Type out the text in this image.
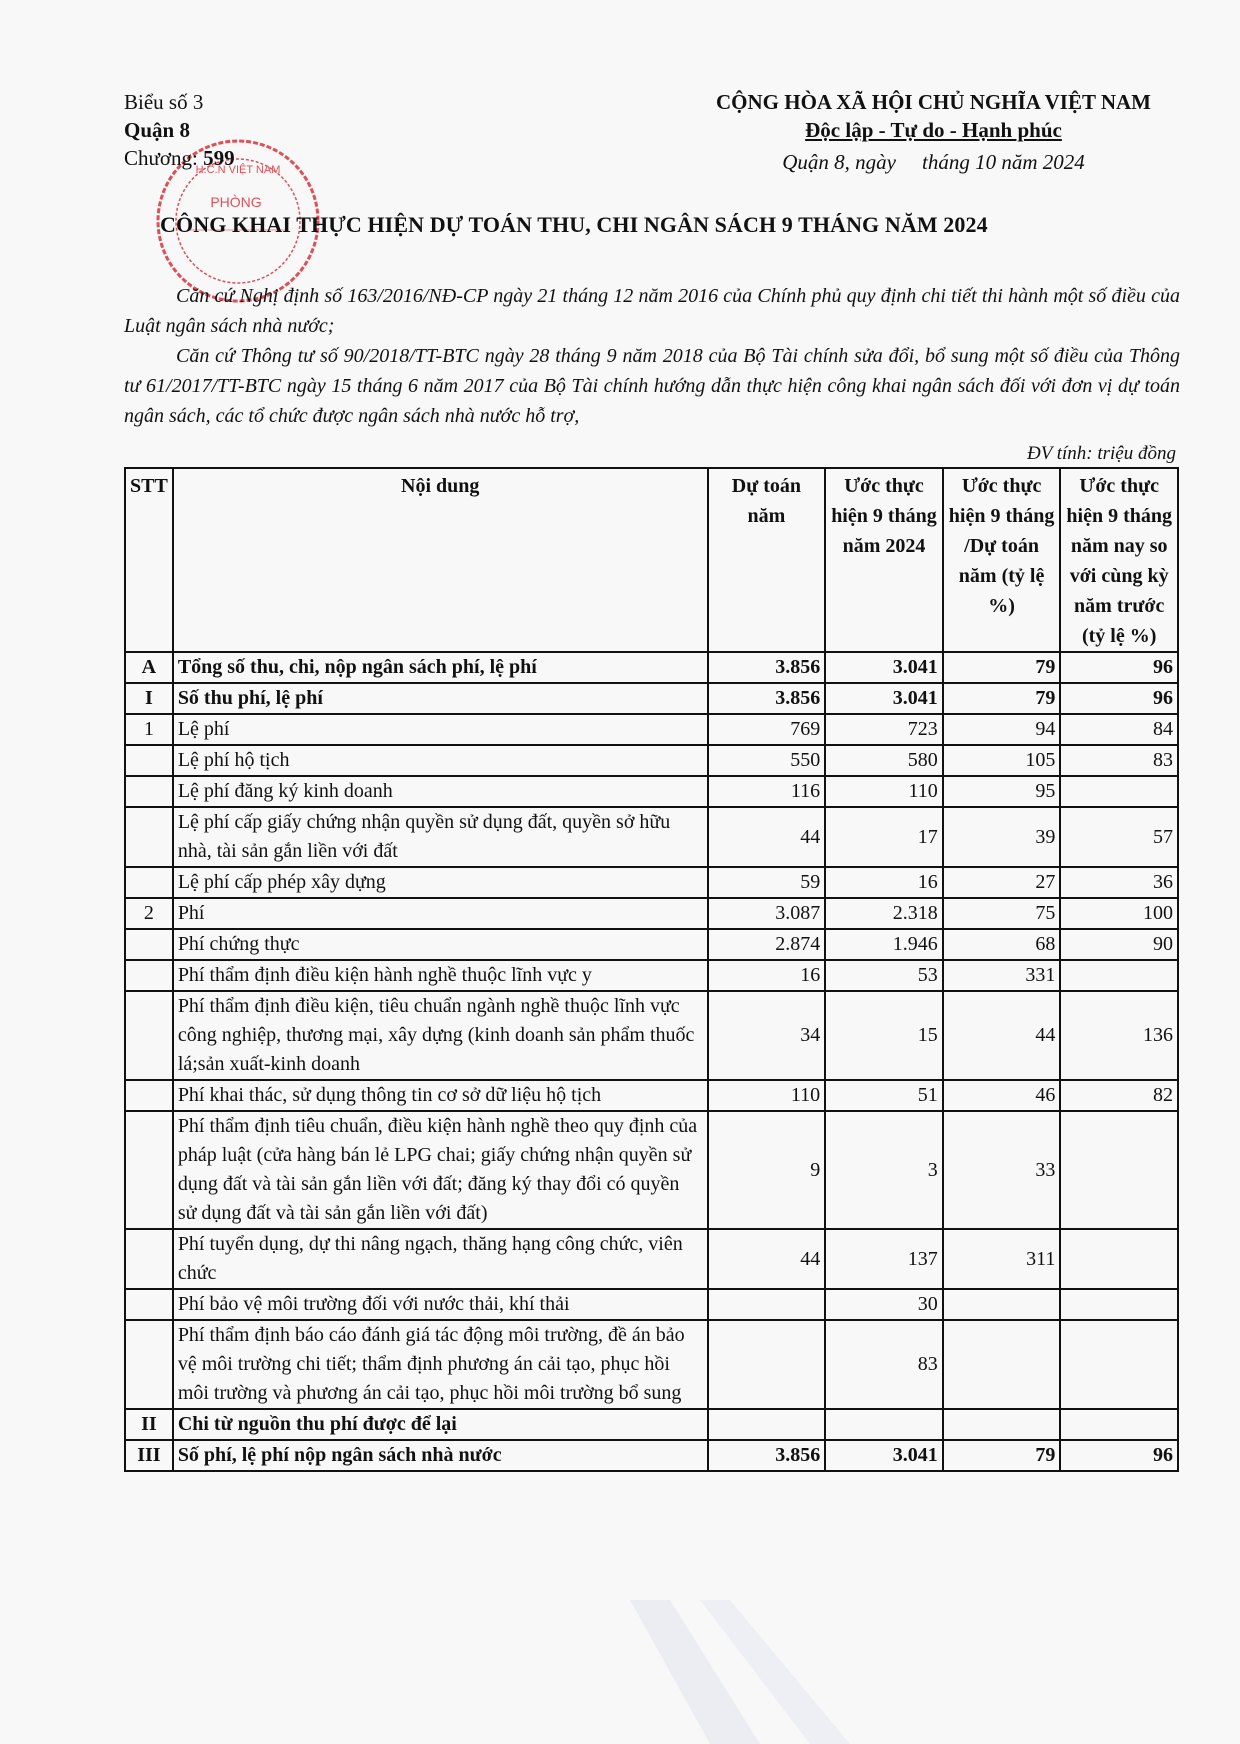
H.C.N VIỆT NAM
PHÒNG
Biểu số 3
Quận 8
Chương: 599
CỘNG HÒA XÃ HỘI CHỦ NGHĨA VIỆT NAM
Độc lập - Tự do - Hạnh phúc
Quận 8, ngày tháng 10 năm 2024
CÔNG KHAI THỰC HIỆN DỰ TOÁN THU, CHI NGÂN SÁCH 9 THÁNG NĂM 2024

Căn cứ Nghị định số 163/2016/NĐ-CP ngày 21 tháng 12 năm 2016 của Chính phủ quy định chi tiết thi hành một số điều của Luật ngân sách nhà nước;

Căn cứ Thông tư số 90/2018/TT-BTC ngày 28 tháng 9 năm 2018 của Bộ Tài chính sửa đổi, bổ sung một số điều của Thông tư 61/2017/TT-BTC ngày 15 tháng 6 năm 2017 của Bộ Tài chính hướng dẫn thực hiện công khai ngân sách đối với đơn vị dự toán ngân sách, các tổ chức được ngân sách nhà nước hỗ trợ,

ĐV tính: triệu đồng
STT	Nội dung	Dự toán năm	Ước thực hiện 9 tháng năm 2024	Ước thực hiện 9 tháng /Dự toán năm (tỷ lệ %)	Ước thực hiện 9 tháng năm nay so với cùng kỳ năm trước (tỷ lệ %)
A	Tổng số thu, chi, nộp ngân sách phí, lệ phí	3.856	3.041	79	96
I	Số thu phí, lệ phí	3.856	3.041	79	96
1	Lệ phí	769	723	94	84
	Lệ phí hộ tịch	550	580	105	83
	Lệ phí đăng ký kinh doanh	116	110	95	
	Lệ phí cấp giấy chứng nhận quyền sử dụng đất, quyền sở hữu nhà, tài sản gắn liền với đất	44	17	39	57
	Lệ phí cấp phép xây dựng	59	16	27	36
2	Phí	3.087	2.318	75	100
	Phí chứng thực	2.874	1.946	68	90
	Phí thẩm định điều kiện hành nghề thuộc lĩnh vực y	16	53	331	
	Phí thẩm định điều kiện, tiêu chuẩn ngành nghề thuộc lĩnh vực công nghiệp, thương mại, xây dựng (kinh doanh sản phẩm thuốc lá;sản xuất-kinh doanh	34	15	44	136
	Phí khai thác, sử dụng thông tin cơ sở dữ liệu hộ tịch	110	51	46	82
	Phí thẩm định tiêu chuẩn, điều kiện hành nghề theo quy định của pháp luật (cửa hàng bán lẻ LPG chai; giấy chứng nhận quyền sử dụng đất và tài sản gắn liền với đất; đăng ký thay đổi có quyền sử dụng đất và tài sản gắn liền với đất)	9	3	33	
	Phí tuyển dụng, dự thi nâng ngạch, thăng hạng công chức, viên chức	44	137	311	
	Phí bảo vệ môi trường đối với nước thải, khí thải		30		
	Phí thẩm định báo cáo đánh giá tác động môi trường, đề án bảo vệ môi trường chi tiết; thẩm định phương án cải tạo, phục hồi môi trường và phương án cải tạo, phục hồi môi trường bổ sung		83		
II	Chi từ nguồn thu phí được để lại				
III	Số phí, lệ phí nộp ngân sách nhà nước	3.856	3.041	79	96
